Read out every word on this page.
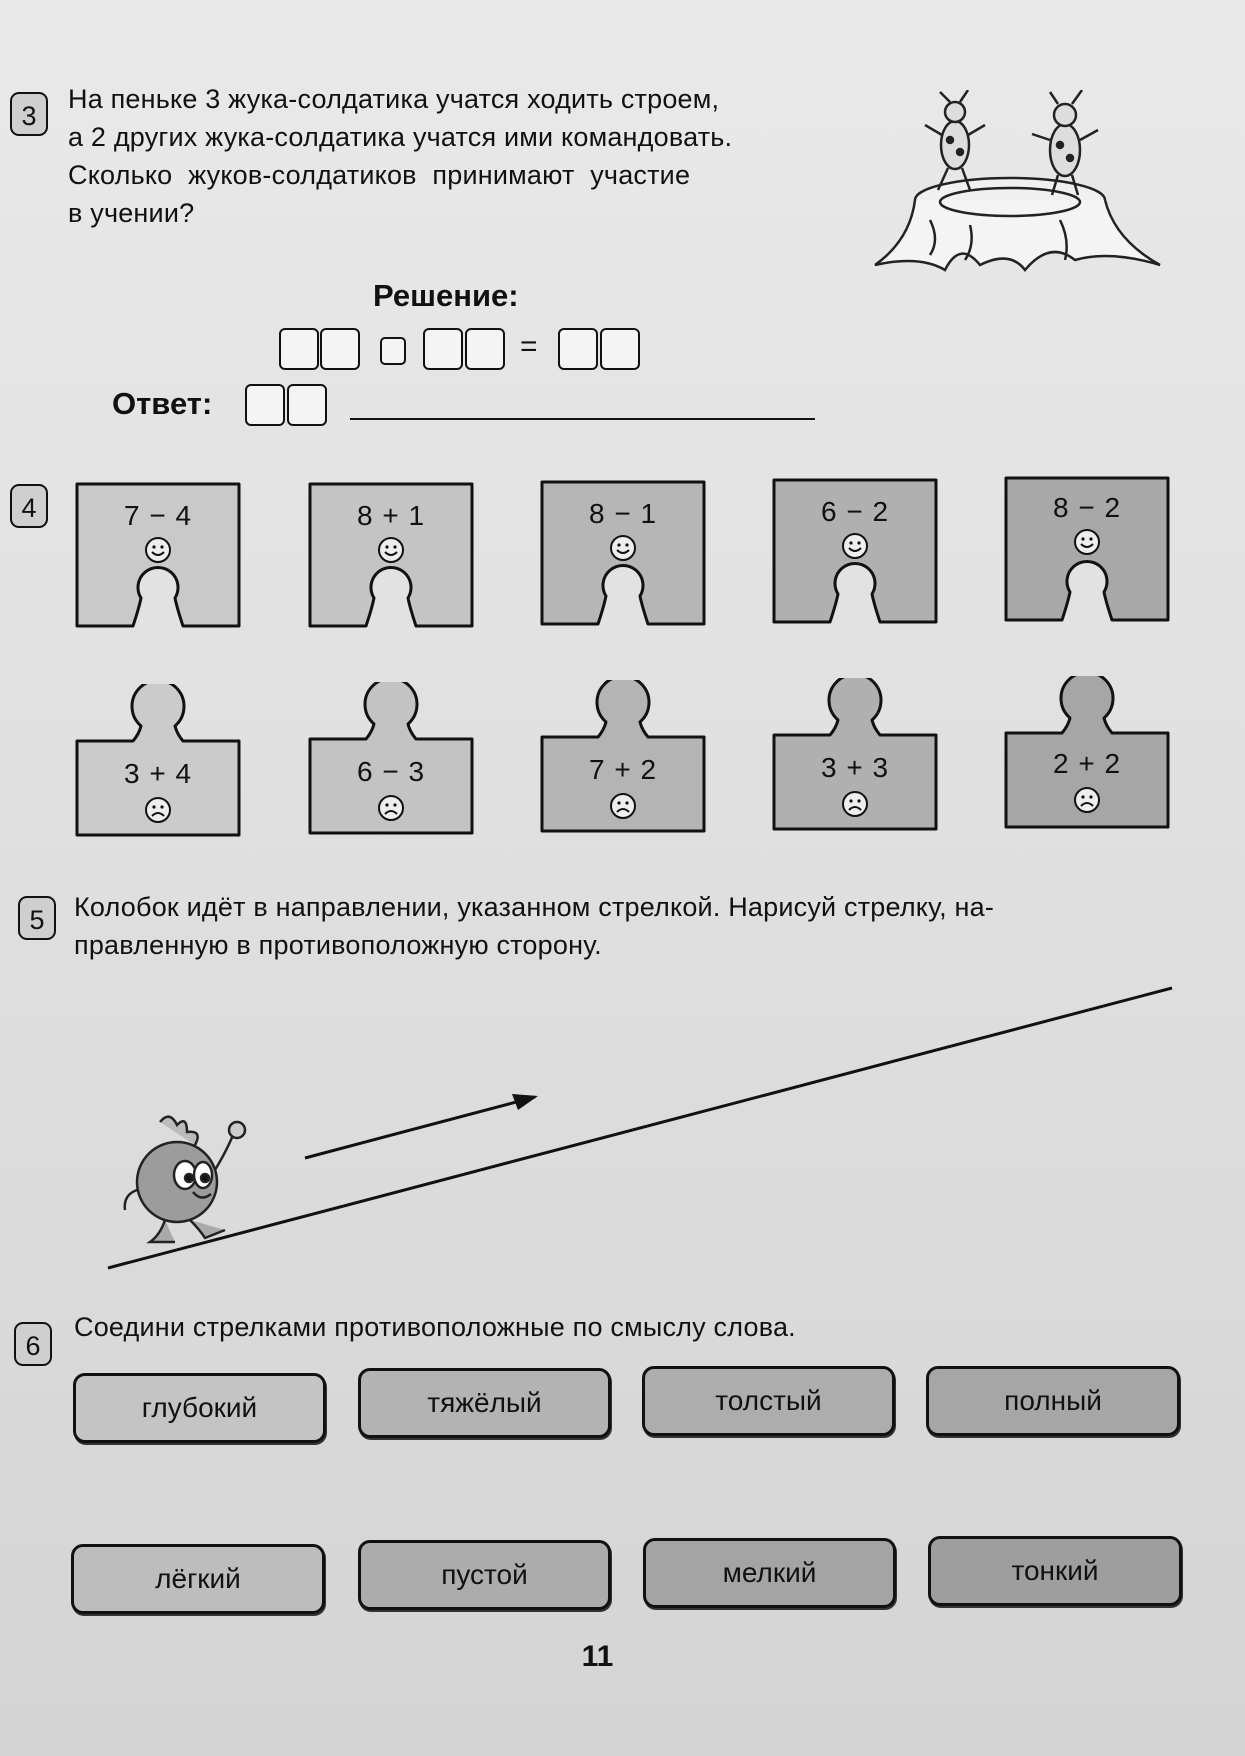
3
На пеньке 3 жука-солдатика учатся ходить строем,
а 2 других жука-солдатика учатся ими командовать.
Сколько жуков-солдатиков принимают участие
в учении?
Решение:
=
Ответ:
4	7 − 4	8 + 1	8 − 1	6 − 2	8 − 2
3 + 4	6 − 3	7 + 2	3 + 3	2 + 2
5	Колобок идёт в направлении, указанном стрелкой. Нарисуй стрелку, на-
правленную в противоположную сторону.
6
Соедини стрелками противоположные по смыслу слова.
глубокий	тяжёлый	толстый	полный
лёгкий	пустой	мелкий	тонкий
11
